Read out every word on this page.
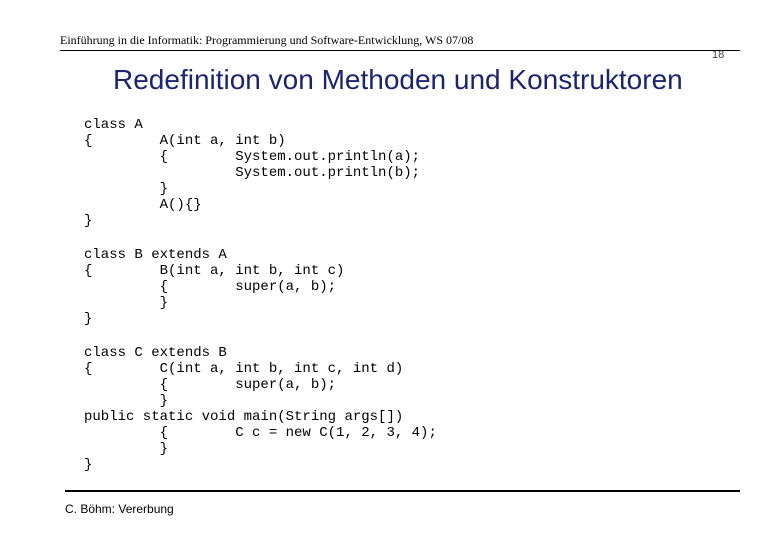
Einführung in die Informatik: Programmierung und Software-Entwicklung, WS 07/08
18
Redefinition von Methoden und Konstruktoren
class A
{        A(int a, int b)
{        System.out.println(a);
System.out.println(b);
}
A(){}
}
class B extends A
{        B(int a, int b, int c)
{        super(a, b);
}
}
class C extends B
{        C(int a, int b, int c, int d)
{        super(a, b);
}
public static void main(String args[])
{        C c = new C(1, 2, 3, 4);
}
}
C. Böhm: Vererbung
